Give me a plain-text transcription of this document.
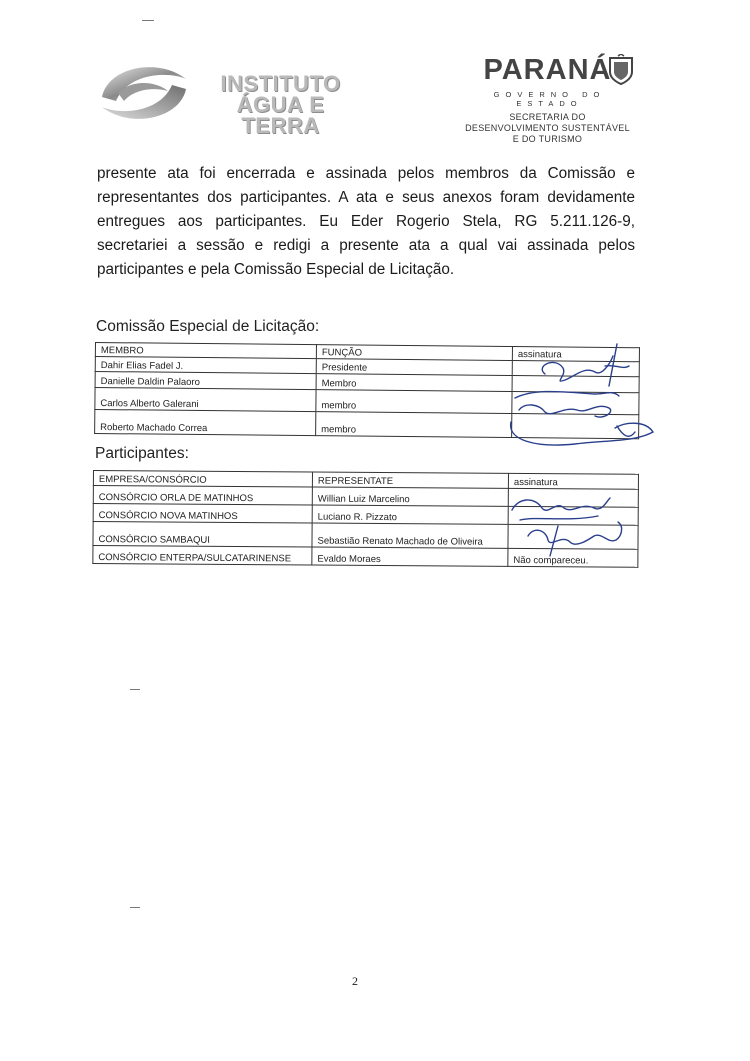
INSTITUTO
ÁGUA E TERRA
PARANÁ
GOVERNO DO ESTADO
SECRETARIA DO
DESENVOLVIMENTO SUSTENTÁVEL
E DO TURISMO
presente ata foi encerrada e assinada pelos membros da Comissão e representantes dos participantes. A ata e seus anexos foram devidamente entregues aos participantes. Eu Eder Rogerio Stela, RG 5.211.126-9, secretariei a sessão e redigi a presente ata a qual vai assinada pelos participantes e pela Comissão Especial de Licitação.
Comissão Especial de Licitação:
MEMBRO	FUNÇÃO	assinatura
Dahir Elias Fadel J.	Presidente	
Danielle Daldin Palaoro	Membro	
Carlos Alberto Galerani	membro	
Roberto Machado Correa	membro	
Participantes:
EMPRESA/CONSÓRCIO	REPRESENTATE	assinatura
CONSÓRCIO ORLA DE MATINHOS	Willian Luiz Marcelino	
CONSÓRCIO NOVA MATINHOS	Luciano R. Pizzato	
CONSÓRCIO SAMBAQUI	Sebastião Renato Machado de Oliveira	
CONSÓRCIO ENTERPA/SULCATARINENSE	Evaldo Moraes	Não compareceu.
2
